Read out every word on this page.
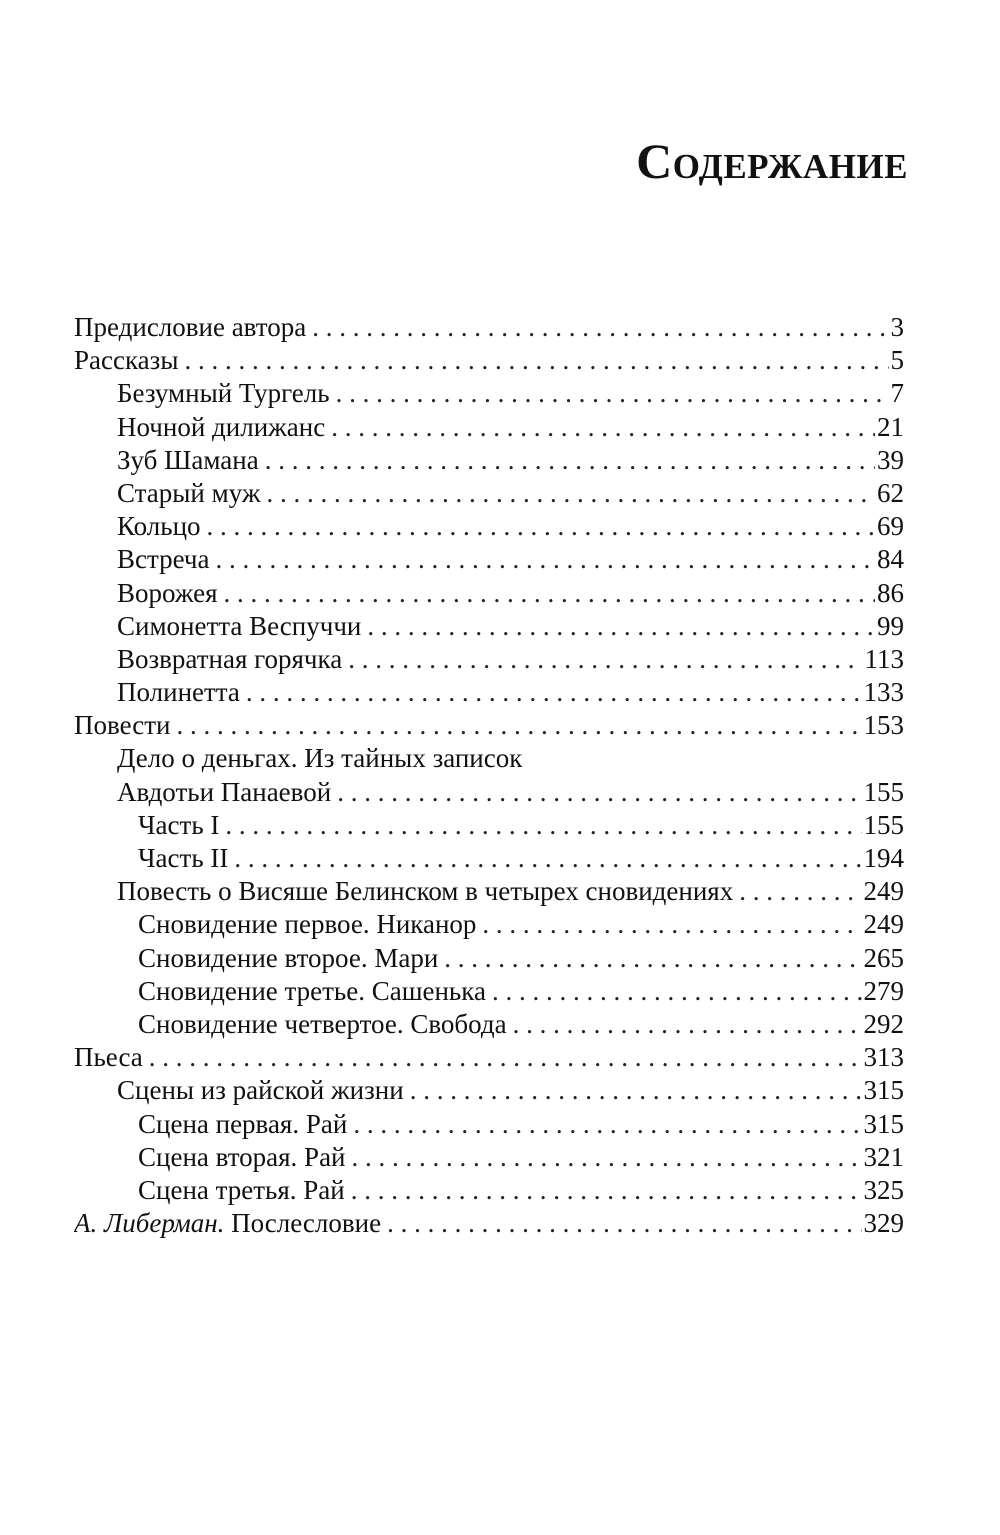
Содержание
Предисловие автора . . .	3
Рассказы . . .	5
Безумный Тургель . . .	7
Ночной дилижанс . . .	21
Зуб Шамана . . .	39
Старый муж . . .	62
Кольцо . . .	69
Встреча . . .	84
Ворожея . . .	86
Симонетта Веспуччи . . .	99
Возвратная горячка . . .	113
Полинетта . . .	133
Повести . . .	153
Дело о деньгах. Из тайных записок
Авдотьи Панаевой . . .	155
Часть I . . .	155
Часть II . . .	194
Повесть о Висяше Белинском в четырех сновидениях . . .	249
Сновидение первое. Никанор . . .	249
Сновидение второе. Мари . . .	265
Сновидение третье. Сашенька . . .	279
Сновидение четвертое. Свобода . . .	292
Пьеса . . .	313
Сцены из райской жизни . . .	315
Сцена первая. Рай . . .	315
Сцена вторая. Рай . . .	321
Сцена третья. Рай . . .	325
А. Либерман. Послесловие . . .	329
